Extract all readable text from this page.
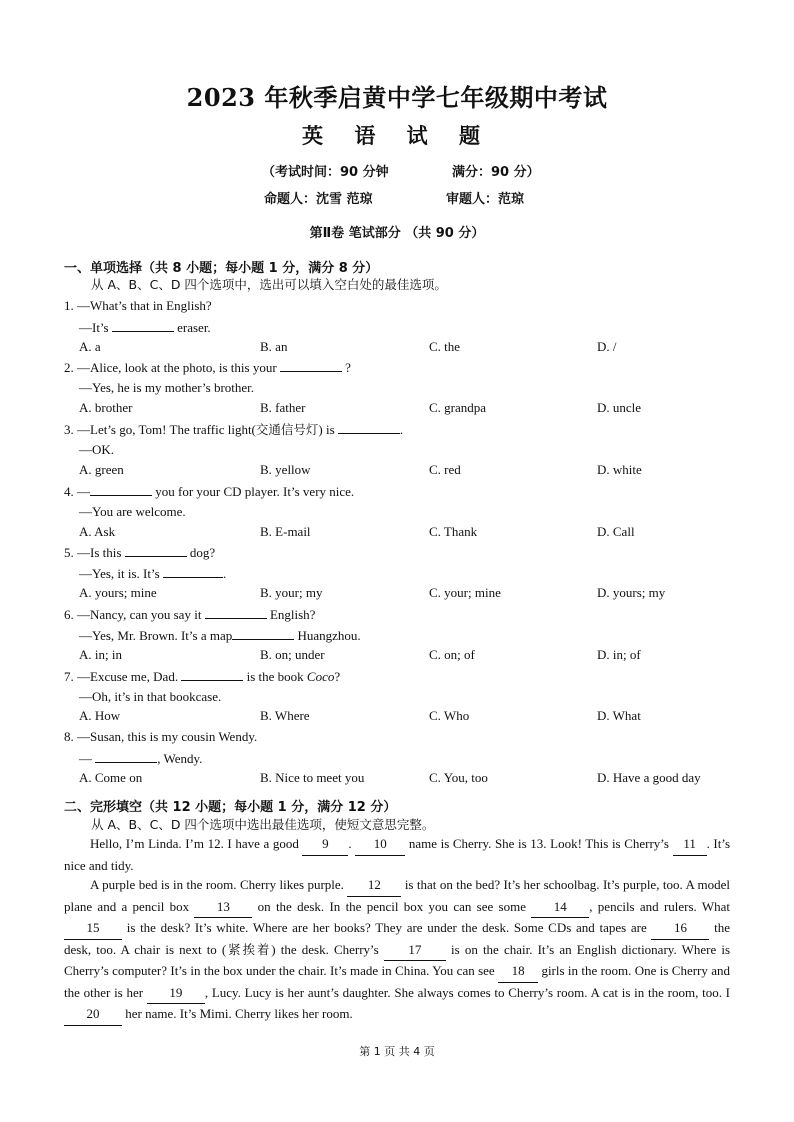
2023 年秋季启黄中学七年级期中考试
英 语 试 题
（考试时间：90 分钟	满分：90 分）
命题人：沈雪 范琼	审题人：范琼
第Ⅱ卷 笔试部分 （共 90 分）
一、单项选择（共 8 小题；每小题 1 分，满分 8 分）
从 A、B、C、D 四个选项中，选出可以填入空白处的最佳选项。
1. —What’s that in English?
—It’s	eraser.
2. —Alice, look at the photo, is this your	?
—Yes, he is my mother’s brother.
3. —Let’s go, Tom! The traffic light(交通信号灯) is	.
—OK.
4. —	you for your CD player. It’s very nice.
—You are welcome.
5. —Is this	dog?
—Yes, it is. It’s	.
6. —Nancy, can you say it	English?
—Yes, Mr. Brown. It’s a map	Huangzhou.
7. —Excuse me, Dad.	is the book Coco?
—Oh, it’s in that bookcase.
8. —Susan, this is my cousin Wendy.
—	, Wendy.
A. a	B. an	C. the	D. /
A. brother	B. father	C. grandpa	D. uncle
A. green	B. yellow	C. red	D. white
A. Ask	B. E-mail	C. Thank	D. Call
A. yours; mine	B. your; my	C. your; mine	D. yours; my
A. in; in	B. on; under	C. on; of	D. in; of
A. How	B. Where	C. Who	D. What
A. Come on	B. Nice to meet you	C. You, too	D. Have a good day
二、完形填空（共 12 小题；每小题 1 分，满分 12 分）
从 A、B、C、D 四个选项中选出最佳选项，使短文意思完整。
Hello, I’m Linda. I’m 12. I have a good 9 . 10 name is Cherry. She is 13. Look! This is Cherry’s 11 . It’s nice and tidy.
A purple bed is in the room. Cherry likes purple. 12 is that on the bed? It’s her schoolbag. It’s purple, too. A model plane and a pencil box 13 on the desk. In the pencil box you can see some 14 , pencils and rulers. What 15 is the desk? It’s white. Where are her books? They are under the desk. Some CDs and tapes are 16 the desk, too. A chair is next to (紧挨着) the desk. Cherry’s 17 is on the chair. It’s an English dictionary. Where is Cherry’s computer? It’s in the box under the chair. It’s made in China. You can see 18 girls in the room. One is Cherry and the other is her 19 , Lucy. Lucy is her aunt’s daughter. She always comes to Cherry’s room. A cat is in the room, too. I 20 her name. It’s Mimi. Cherry likes her room.
第 1 页 共 4 页
